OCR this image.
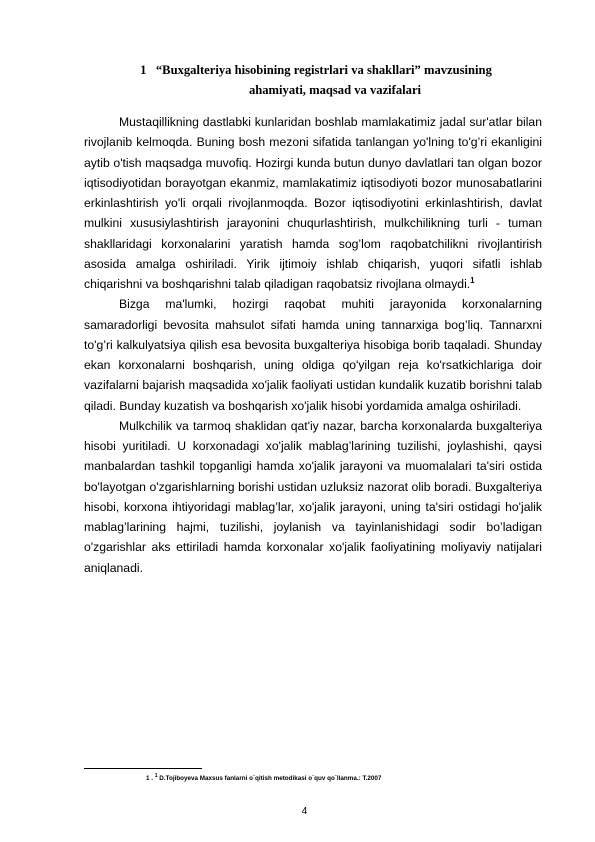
1 “Buxgalteriya hisobining registrlari va shakllari” mavzusining
ahamiyati, maqsad va vazifalari

Mustaqillikning dastlabki kunlaridan boshlab mamlakatimiz jadal sur'atlar bilan rivojlanib kelmoqda. Buning bosh mezoni sifatida tanlangan yo'lning to'g’ri ekanligini aytib o'tish maqsadga muvofiq. Hozirgi kunda butun dunyo davlatlari tan olgan bozor iqtisodiyotidan borayotgan ekanmiz, mamlakatimiz iqtisodiyoti bozor munosabatlarini erkinlashtirish yo'li orqali rivojlanmoqda. Bozor iqtisodiyotini erkinlashtirish, davlat mulkini xususiylashtirish jarayonini chuqurlashtirish, mulkchilikning turli - tuman shakllaridagi korxonalarini yaratish hamda sog’lom raqobatchilikni rivojlantirish asosida amalga oshiriladi. Yirik ijtimoiy ishlab chiqarish, yuqori sifatli ishlab chiqarishni va boshqarishni talab qiladigan raqobatsiz rivojlana olmaydi.$^1$

Bizga ma'lumki, hozirgi raqobat muhiti jarayonida korxonalarning samaradorligi bevosita mahsulot sifati hamda uning tannarxiga bog’liq. Tannarxni to'g’ri kalkulyatsiya qilish esa bevosita buxgalteriya hisobiga borib taqaladi. Shunday ekan korxonalarni boshqarish, uning oldiga qo'yilgan reja ko'rsatkichlariga doir vazifalarni bajarish maqsadida xo'jalik faoliyati ustidan kundalik kuzatib borishni talab qiladi. Bunday kuzatish va boshqarish xo'jalik hisobi yordamida amalga oshiriladi.

Mulkchilik va tarmoq shaklidan qat'iy nazar, barcha korxonalarda buxgalteriya hisobi yuritiladi. U korxonadagi xo'jalik mablag’larining tuzilishi, joylashishi, qaysi manbalardan tashkil topganligi hamda xo'jalik jarayoni va muomalalari ta'siri ostida bo'layotgan o'zgarishlarning borishi ustidan uzluksiz nazorat olib boradi. Buxgalteriya hisobi, korxona ihtiyoridagi mablag’lar, xo'jalik jarayoni, uning ta'siri ostidagi ho'jalik mablag’larining hajmi, tuzilishi, joylanish va tayinlanishidagi sodir bo’ladigan o'zgarishlar aks ettiriladi hamda korxonalar xo'jalik faoliyatining moliyaviy natijalari aniqlanadi.

1 . $^1$ D.Tojiboyeva Maxsus fanlarni o`qitish metodikasi o`quv qo`llanma.: T.2007
4
